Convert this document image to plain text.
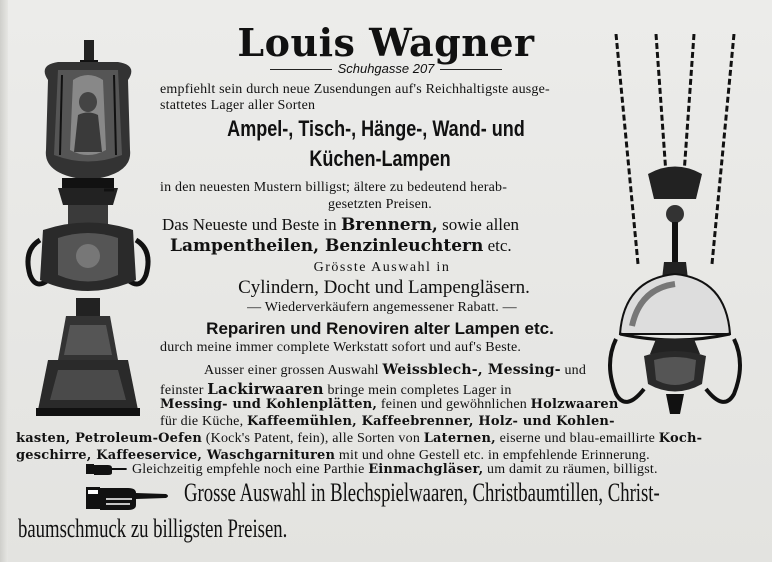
Louis Wagner
Schuhgasse 207
empfiehlt sein durch neue Zusendungen auf's Reichhaltigste ausge-
stattetes Lager aller Sorten
Ampel-, Tisch-, Hänge-, Wand- und
Küchen-Lampen
in den neuesten Mustern billigst; ältere zu bedeutend herab-
gesetzten Preisen.
Das Neueste und Beste in Brennern, sowie allen
Lampentheilen, Benzinleuchtern etc.
Grösste Auswahl in
Cylindern, Docht und Lampengläsern.
— Wiederverkäufern angemessener Rabatt. —
Repariren und Renoviren alter Lampen etc.
durch meine immer complete Werkstatt sofort und auf's Beste.
Ausser einer grossen Auswahl Weissblech-, Messing- und
feinster Lackirwaaren bringe mein completes Lager in
Messing- und Kohlenplätten, feinen und gewöhnlichen Holzwaaren
für die Küche, Kaffeemühlen, Kaffeebrenner, Holz- und Kohlen-
kasten, Petroleum-Oefen (Kock's Patent, fein), alle Sorten von Laternen, eiserne und blau-emaillirte Koch-
geschirre, Kaffeeservice, Waschgarnituren mit und ohne Gestell etc. in empfehlende Erinnerung.
Gleichzeitig empfehle noch eine Parthie Einmachgläser, um damit zu räumen, billigst.
Grosse Auswahl in Blechspielwaaren, Christbaumtillen, Christ-
baumschmuck zu billigsten Preisen.
